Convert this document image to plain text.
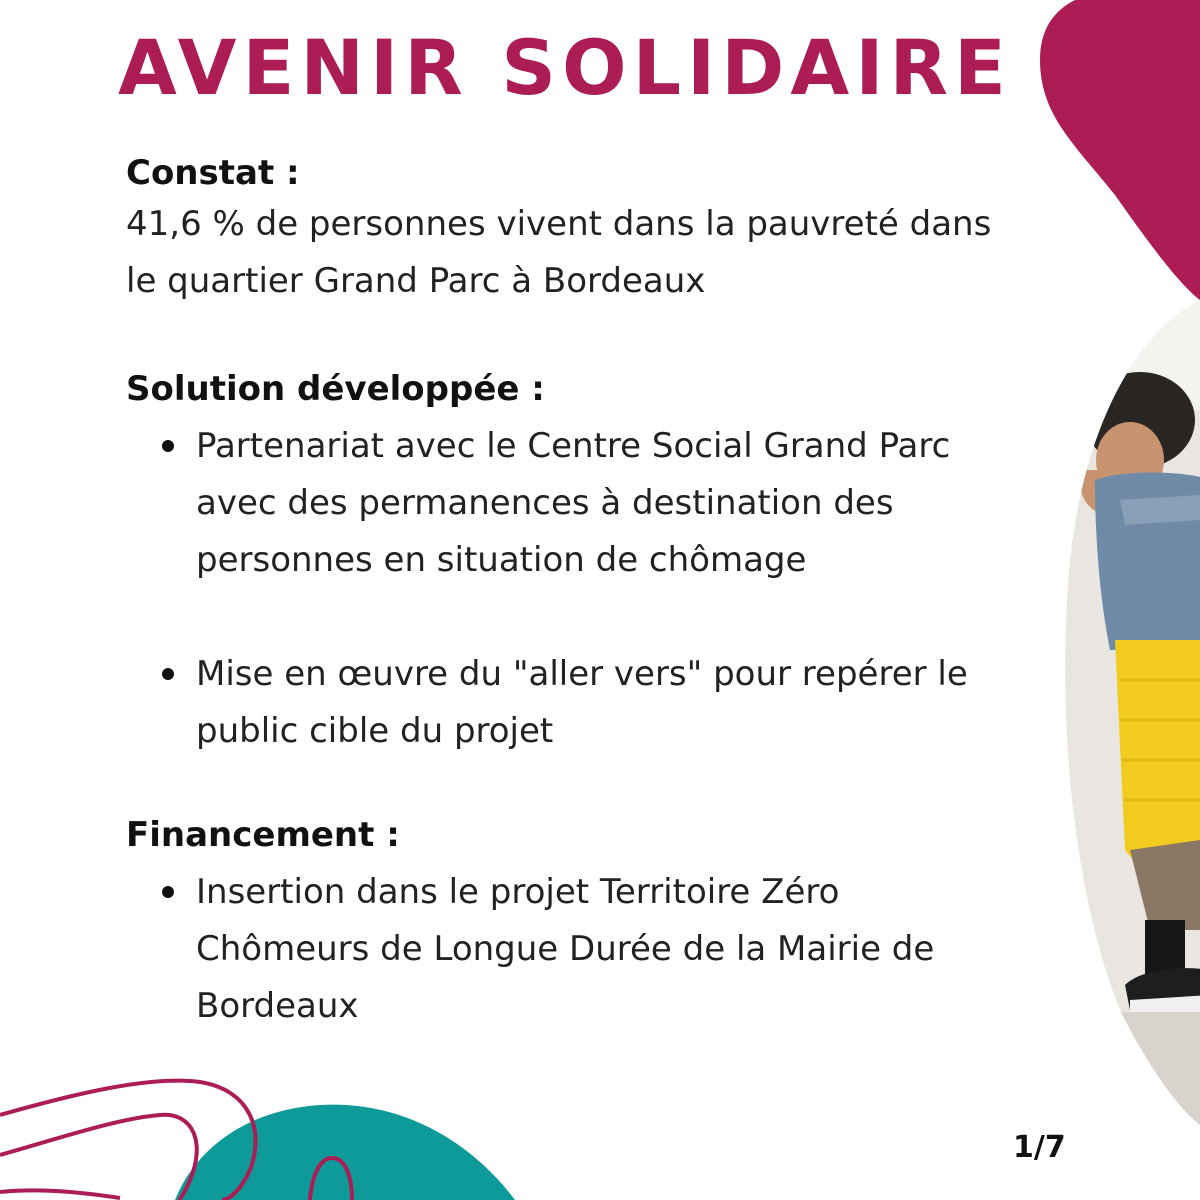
AVENIR SOLIDAIRE

Constat :

41,6 % de personnes vivent dans la pauvreté dans
le quartier Grand Parc à Bordeaux

Solution développée :

Partenariat avec le Centre Social Grand Parc
avec des permanences à destination des
personnes en situation de chômage
Mise en œuvre du "aller vers" pour repérer le
public cible du projet

Financement :

Insertion dans le projet Territoire Zéro
Chômeurs de Longue Durée de la Mairie de
Bordeaux
1/7
